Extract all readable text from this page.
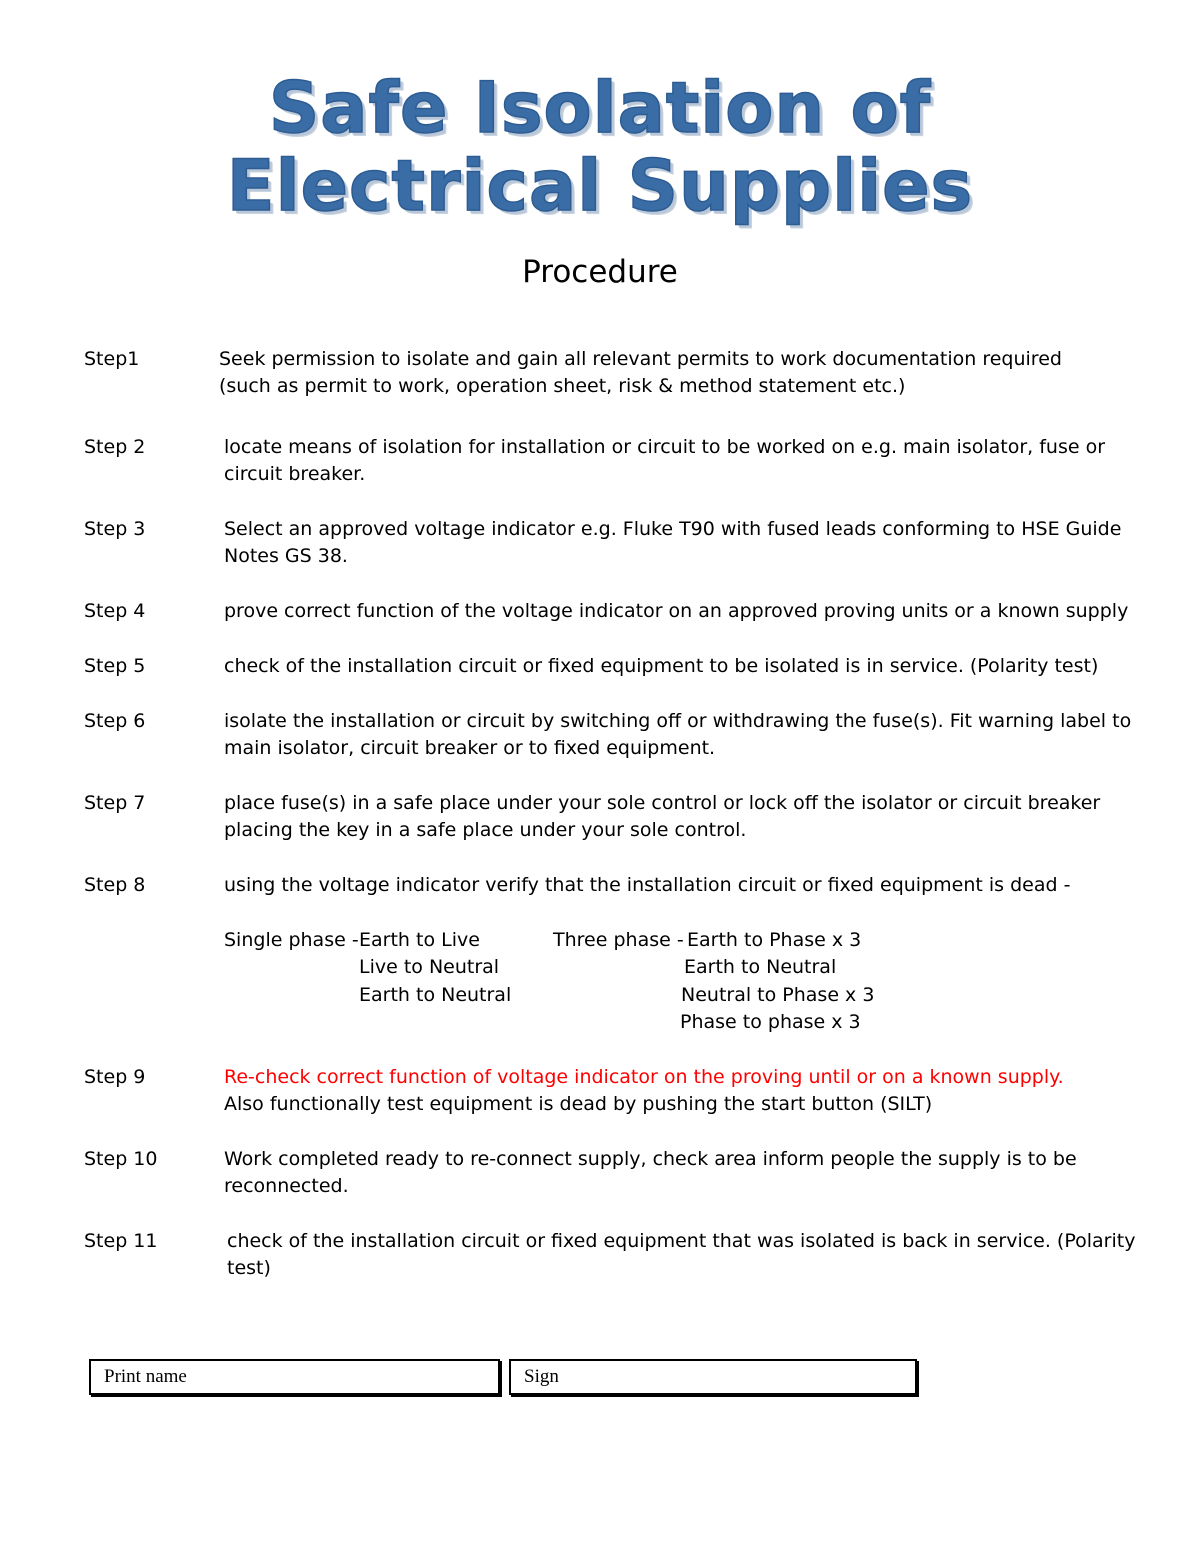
Safe Isolation of
Electrical Supplies
Procedure
Step1	Seek permission to isolate and gain all relevant permits to work documentation required
(such as permit to work, operation sheet, risk & method statement etc.)
Step 2	locate means of isolation for installation or circuit to be worked on e.g. main isolator, fuse or
circuit breaker.
Step 3	Select an approved voltage indicator e.g. Fluke T90 with fused leads conforming to HSE Guide
Notes GS 38.
Step 4	prove correct function of the voltage indicator on an approved proving units or a known supply
Step 5	check of the installation circuit or fixed equipment to be isolated is in service. (Polarity test)
Step 6	isolate the installation or circuit by switching off or withdrawing the fuse(s). Fit warning label to
main isolator, circuit breaker or to fixed equipment.
Step 7	place fuse(s) in a safe place under your sole control or lock off the isolator or circuit breaker
placing the key in a safe place under your sole control.
Step 8	using the voltage indicator verify that the installation circuit or fixed equipment is dead -
Single phase - Earth to Live
Live to Neutral
Earth to Neutral
Three phase - Earth to Phase x 3
Earth to Neutral
Neutral to Phase x 3
Phase to phase x 3
Step 9	Re-check correct function of voltage indicator on the proving until or on a known supply.
Also functionally test equipment is dead by pushing the start button (SILT)
Step 10	Work completed ready to re-connect supply, check area inform people the supply is to be
reconnected.
Step 11	check of the installation circuit or fixed equipment that was isolated is back in service. (Polarity
test)
Print name	Sign
